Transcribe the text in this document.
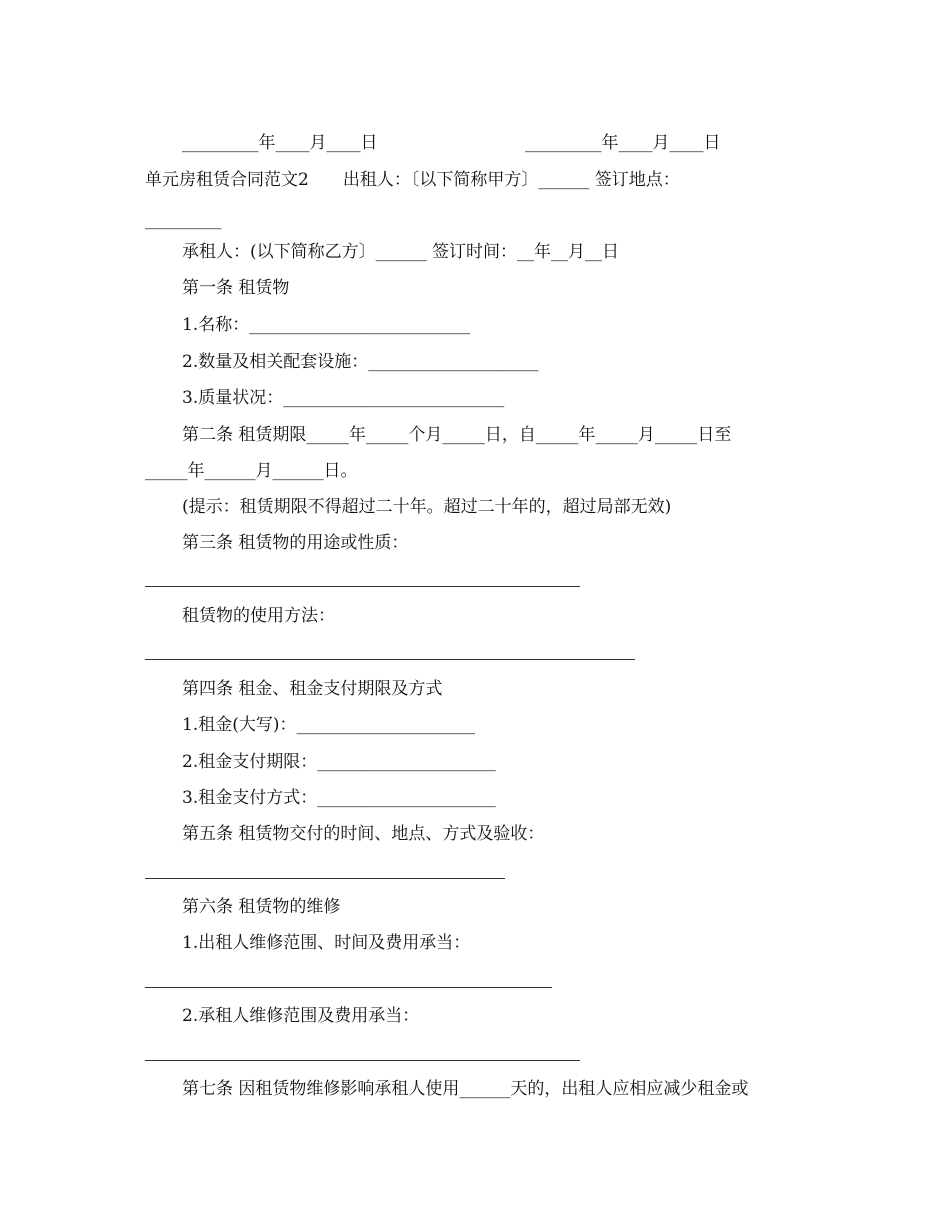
_________年____月____日	_________年____月____日
单元房租赁合同范文2　　出租人：〔以下简称甲方〕______ 签订地点：
_________
承租人：(以下简称乙方〕______ 签订时间：__年__月__日
第一条 租赁物
1.名称：__________________________
2.数量及相关配套设施：____________________
3.质量状况：__________________________
第二条 租赁期限_____年_____个月_____日，自_____年_____月_____日至
_____年______月______日。
(提示：租赁期限不得超过二十年。超过二十年的，超过局部无效)
第三条 租赁物的用途或性质：
租赁物的使用方法：
第四条 租金、租金支付期限及方式
1.租金(大写)：_____________________
2.租金支付期限：_____________________
3.租金支付方式：_____________________
第五条 租赁物交付的时间、地点、方式及验收：
第六条 租赁物的维修
1.出租人维修范围、时间及费用承当：
2.承租人维修范围及费用承当：
第七条 因租赁物维修影响承租人使用______天的，出租人应相应减少租金或
